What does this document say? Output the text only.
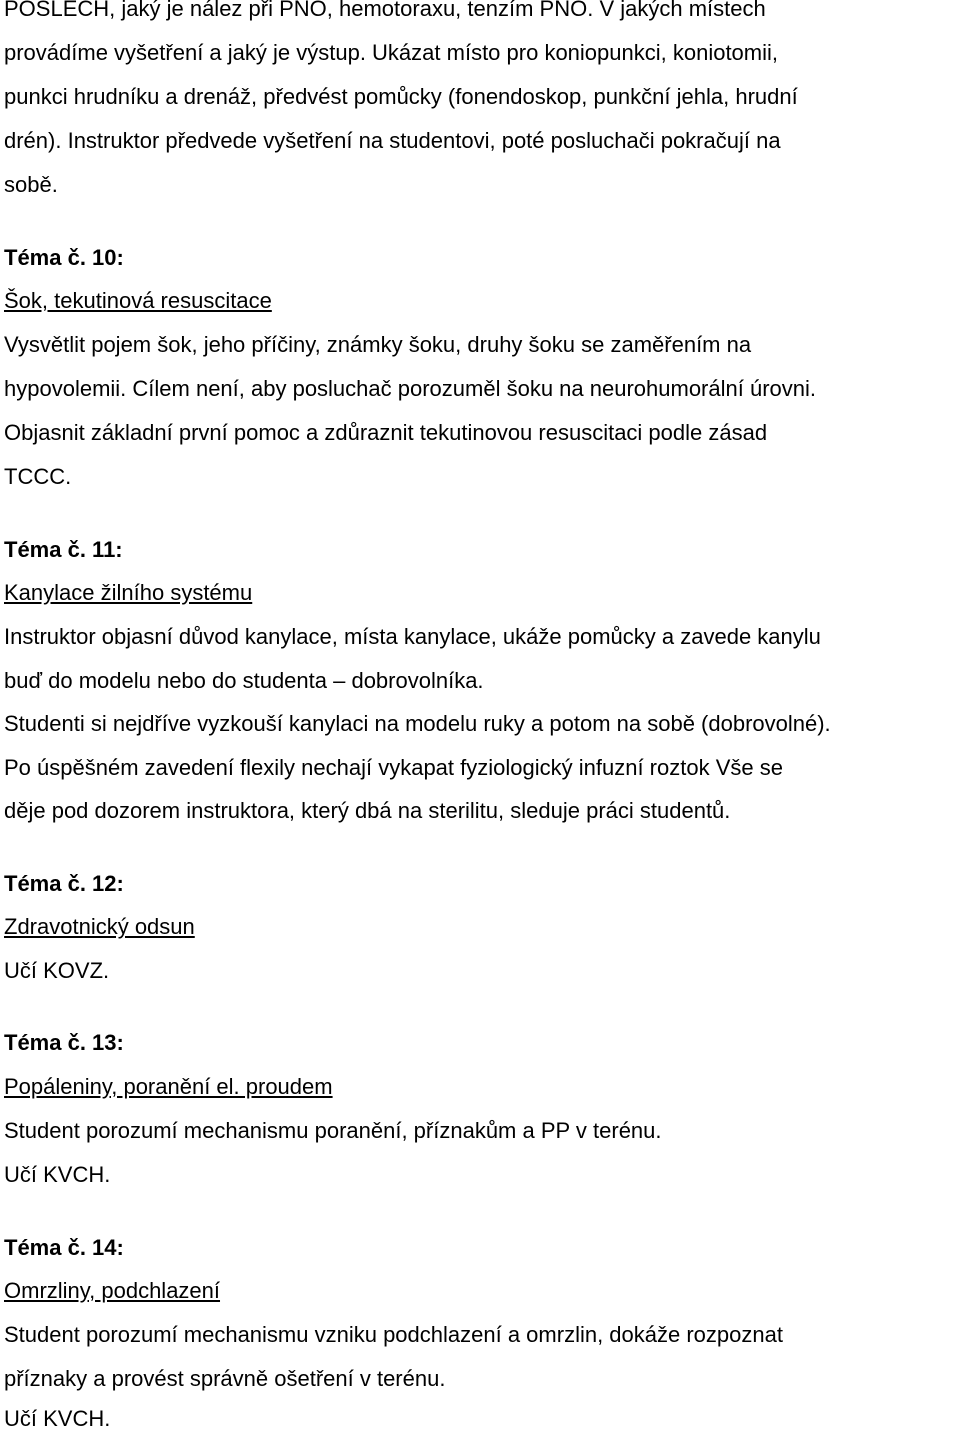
POSLECH, jaký je nález při PNO, hemotoraxu, tenzím PNO. V jakých místech
provádíme vyšetření a jaký je výstup. Ukázat místo pro koniopunkci, koniotomii,
punkci hrudníku a drenáž, předvést pomůcky (fonendoskop, punkční jehla, hrudní
drén). Instruktor předvede vyšetření na studentovi, poté posluchači pokračují na
sobě.
Téma č. 10:
Šok, tekutinová resuscitace
Vysvětlit pojem šok, jeho příčiny, známky šoku, druhy šoku se zaměřením na
hypovolemii. Cílem není, aby posluchač porozuměl šoku na neurohumorální úrovni.
Objasnit základní první pomoc a zdůraznit tekutinovou resuscitaci podle zásad
TCCC.
Téma č. 11:
Kanylace žilního systému
Instruktor objasní důvod kanylace, místa kanylace, ukáže pomůcky a zavede kanylu
buď do modelu nebo do studenta – dobrovolníka.
Studenti si nejdříve vyzkouší kanylaci na modelu ruky a potom na sobě (dobrovolné).
Po úspěšném zavedení flexily nechají vykapat fyziologický infuzní roztok Vše se
děje pod dozorem instruktora, který dbá na sterilitu, sleduje práci studentů.
Téma č. 12:
Zdravotnický odsun
Učí KOVZ.
Téma č. 13:
Popáleniny, poranění el. proudem
Student porozumí mechanismu poranění, příznakům a PP v terénu.
Učí KVCH.
Téma č. 14:
Omrzliny, podchlazení
Student porozumí mechanismu vzniku podchlazení a omrzlin, dokáže rozpoznat
příznaky a provést správně ošetření v terénu.
Učí KVCH.
